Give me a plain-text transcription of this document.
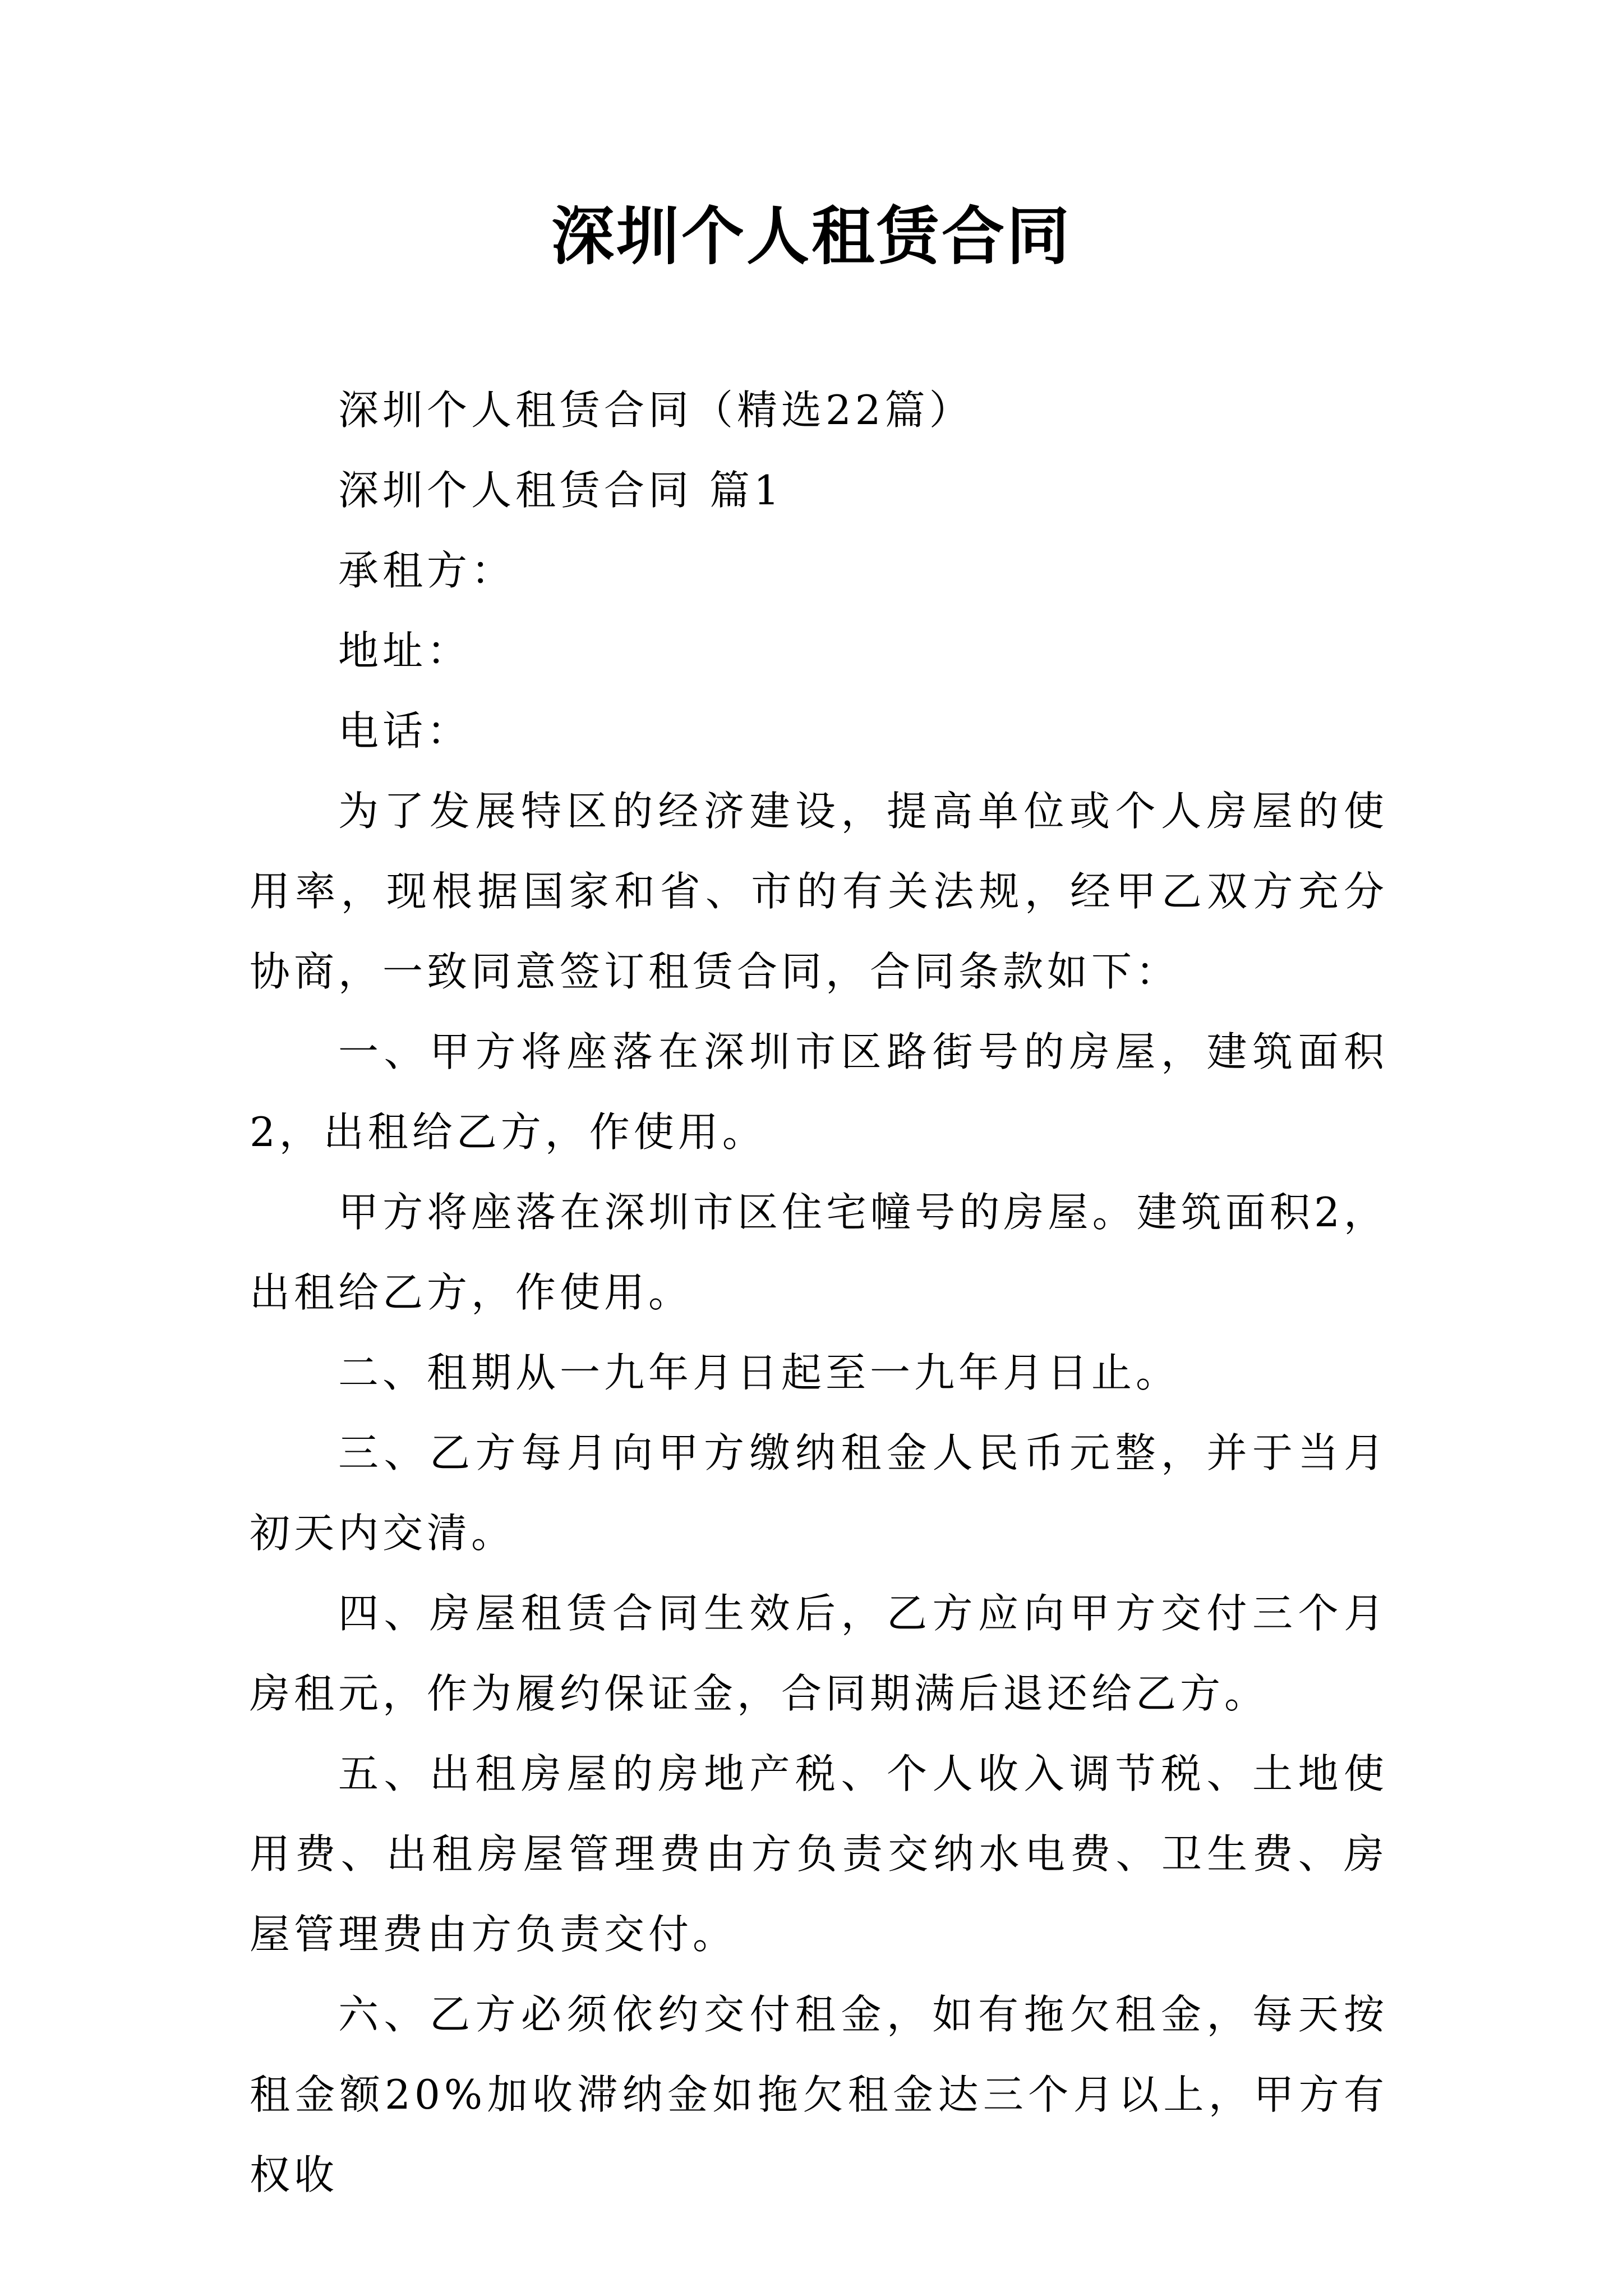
深圳个人租赁合同

深圳个人租赁合同（精选22篇）

深圳个人租赁合同 篇1

承租方：

地址：

电话：

为了发展特区的经济建设，提高单位或个人房屋的使用率，现根据国家和省、市的有关法规，经甲乙双方充分协商，一致同意签订租赁合同，合同条款如下：

一、甲方将座落在深圳市区路街号的房屋，建筑面积2，出租给乙方，作使用。

甲方将座落在深圳市区住宅幢号的房屋。建筑面积2，出租给乙方，作使用。

二、租期从一九年月日起至一九年月日止。

三、乙方每月向甲方缴纳租金人民币元整，并于当月初天内交清。

四、房屋租赁合同生效后，乙方应向甲方交付三个月房租元，作为履约保证金，合同期满后退还给乙方。

五、出租房屋的房地产税、个人收入调节税、土地使用费、出租房屋管理费由方负责交纳水电费、卫生费、房屋管理费由方负责交付。

六、乙方必须依约交付租金，如有拖欠租金，每天按租金额20%加收滞纳金如拖欠租金达三个月以上，甲方有权收
